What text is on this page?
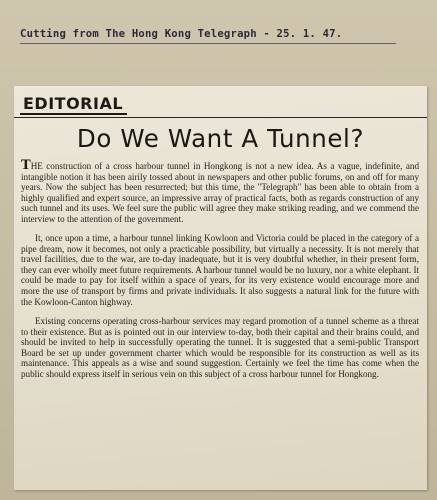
Cutting from The Hong Kong Telegraph - 25. 1. 47.
EDITORIAL
Do We Want A Tunnel?

THE construction of a cross harbour tunnel in Hongkong is not a new idea. As a vague, indefinite, and intangible notion it has been airily tossed about in newspapers and other public forums, on and off for many years. Now the subject has been resurrected; but this time, the "Telegraph" has been able to obtain from a highly qualified and expert source, an impressive array of practical facts, both as regards construction of any such tunnel and its uses. We feel sure the public will agree they make striking reading, and we commend the interview to the attention of the government.

It, once upon a time, a harbour tunnel linking Kowloon and Victoria could be placed in the category of a pipe dream, now it becomes, not only a practicable possibility, but virtually a necessity. It is not merely that travel facilities, due to the war, are to-day inadequate, but it is very doubtful whether, in their present form, they can ever wholly meet future requirements. A harbour tunnel would be no luxury, nor a white elephant. It could be made to pay for itself within a space of years, for its very existence would encourage more and more the use of transport by firms and private individuals. It also suggests a natural link for the future with the Kowloon-Canton highway.

Existing concerns operating cross-harbour services may regard promotion of a tunnel scheme as a threat to their existence. But as is pointed out in our interview to-day, both their capital and their brains could, and should be invited to help in successfully operating the tunnel. It is suggested that a semi-public Transport Board be set up under government charter which would be responsible for its construction as well as its maintenance. This appeals as a wise and sound suggestion. Certainly we feel the time has come when the public should express itself in serious vein on this subject of a cross harbour tunnel for Hongkong.
